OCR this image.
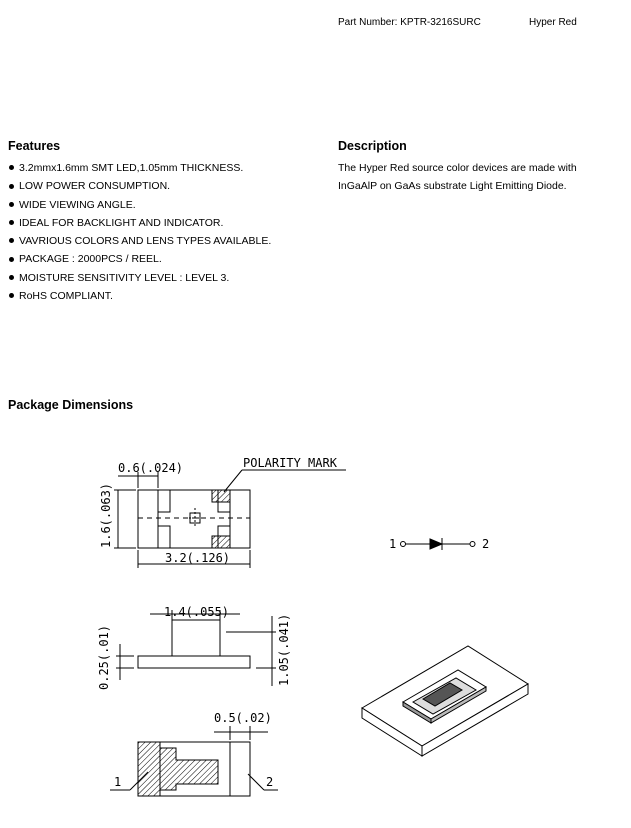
Part Number: KPTR-3216SURC	Hyper Red
Features
3.2mmx1.6mm SMT LED,1.05mm THICKNESS.
LOW POWER CONSUMPTION.
WIDE VIEWING ANGLE.
IDEAL FOR BACKLIGHT AND INDICATOR.
VAVRIOUS COLORS AND LENS TYPES AVAILABLE.
PACKAGE : 2000PCS / REEL.
MOISTURE SENSITIVITY LEVEL : LEVEL 3.
RoHS COMPLIANT.
Description

The Hyper Red source color devices are made with

InGaAlP on GaAs substrate Light Emitting Diode.

Package Dimensions
0.6(.024)	POLARITY MARK
1.6(.063)
3.2(.126)
1.4(.055)
0.25(.01)	1.05(.041)
0.5(.02)
1	2
1	2
